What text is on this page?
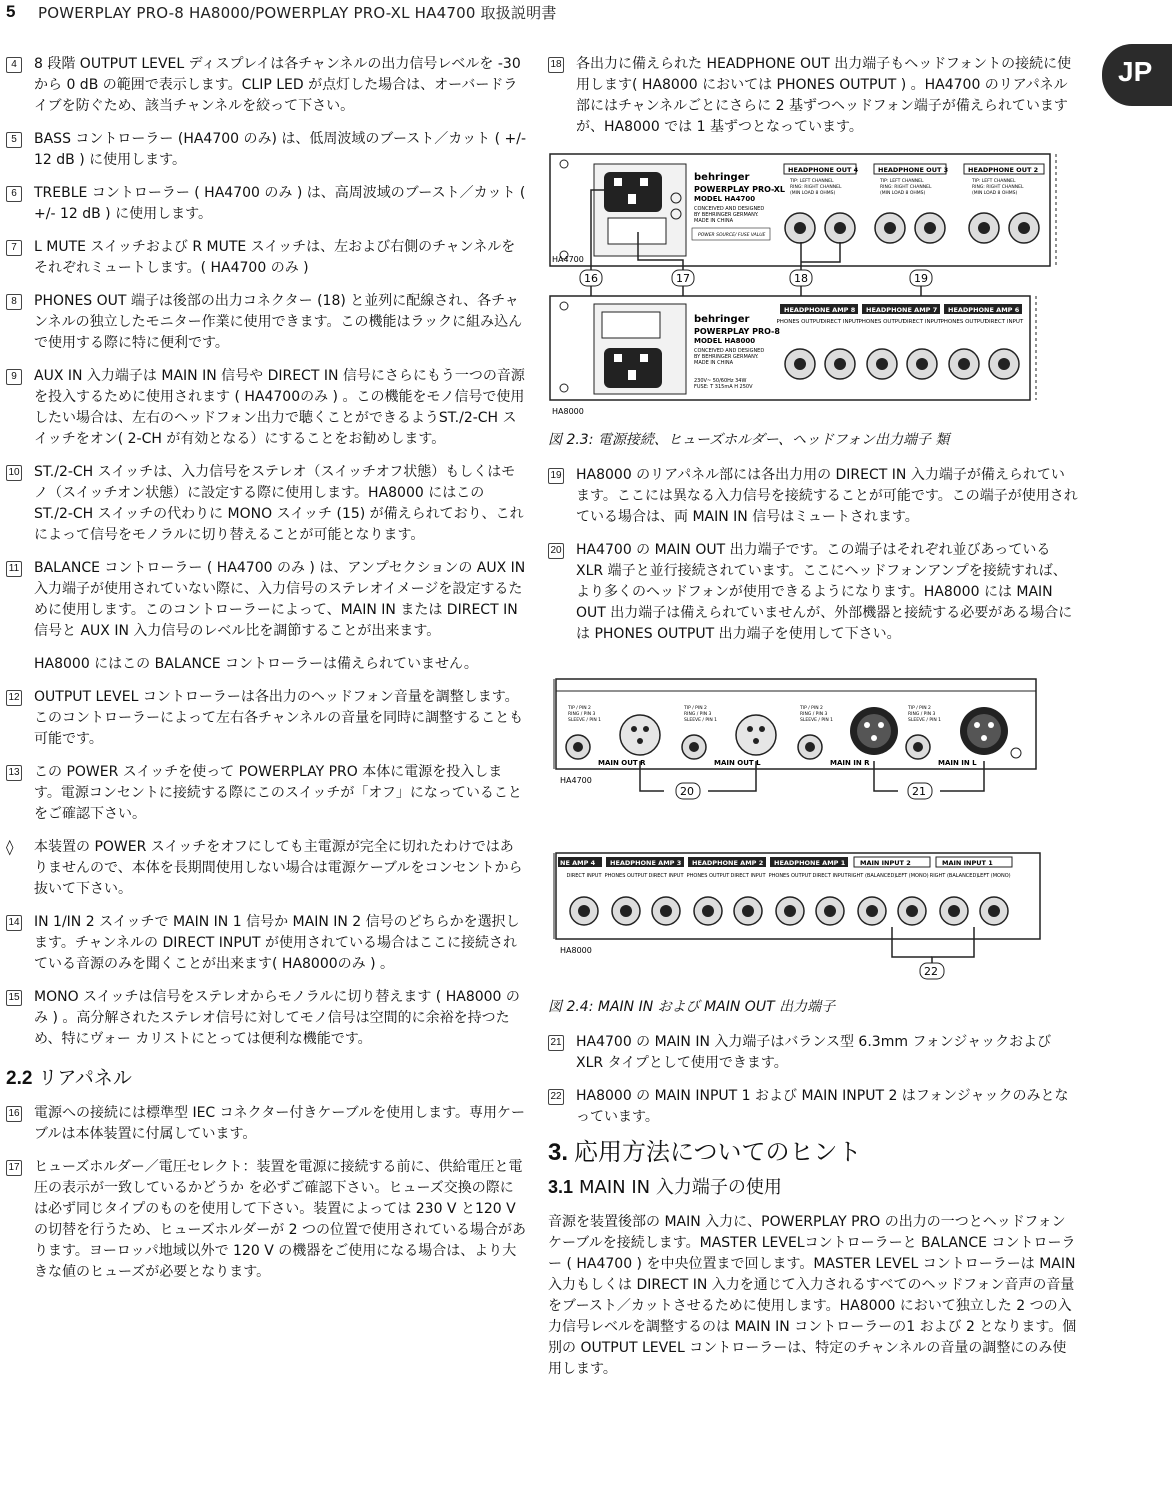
5 POWERPLAY PRO-8 HA8000/POWERPLAY PRO-XL HA4700 取扱説明書
JP
4	8 段階 OUTPUT LEVEL ディスプレイは各チャンネルの出力信号レベルを -30 から 0 dB の範囲で表示します。CLIP LED が点灯した場合は、オーバードライブを防ぐため、該当チャンネルを絞って下さい。

5	BASS コントローラー (HA4700 のみ) は、低周波域のブースト／カット ( +/- 12 dB ) に使用します。

6	TREBLE コントローラー ( HA4700 のみ ) は、高周波域のブースト／カット ( +/- 12 dB ) に使用します。

7	L MUTE スイッチおよび R MUTE スイッチは、左および右側のチャンネルをそれぞれミュートします。( HA4700 のみ )

8	PHONES OUT 端子は後部の出力コネクター (18) と並列に配線され、各チャンネルの独立したモニター作業に使用できます。この機能はラックに組み込んで使用する際に特に便利です。

9	AUX IN 入力端子は MAIN IN 信号や DIRECT IN 信号にさらにもう一つの音源を投入するために使用されます ( HA4700のみ ) 。この機能をモノ信号で使用したい場合は、左右のヘッドフォン出力で聴くことができるようST./2-CH スイッチをオン( 2-CH が有効となる）にすることをお勧めします。

10 ST./2-CH スイッチは、入力信号をステレオ（スイッチオフ状態）もしくはモノ（スイッチオン状態）に設定する際に使用します。HA8000 にはこの ST./2-CH スイッチの代わりに MONO スイッチ (15) が備えられており、これによって信号をモノラルに切り替えることが可能となります。

11 BALANCE コントローラー ( HA4700 のみ ) は、アンプセクションの AUX IN 入力端子が使用されていない際に、入力信号のステレオイメージを設定するために使用します。このコントローラーによって、MAIN IN または DIRECT IN 信号と AUX IN 入力信号のレベル比を調節することが出来ます。

HA8000 にはこの BALANCE コントローラーは備えられていません。

12 OUTPUT LEVEL コントローラーは各出力のヘッドフォン音量を調整します。このコントローラーによって左右各チャンネルの音量を同時に調整することも可能です。

13 この POWER スイッチを使って POWERPLAY PRO 本体に電源を投入します。電源コンセントに接続する際にこのスイッチが「オフ」になっていることをご確認下さい。

◊ 本装置の POWER スイッチをオフにしても主電源が完全に切れたわけではありませんので、本体を長期間使用しない場合は電源ケーブルをコンセントから抜いて下さい。

14 IN 1/IN 2 スイッチで MAIN IN 1 信号か MAIN IN 2 信号のどちらかを選択します。チャンネルの DIRECT INPUT が使用されている場合はここに接続されている音源のみを聞くことが出来ます( HA8000のみ ) 。

15 MONO スイッチは信号をステレオからモノラルに切り替えます ( HA8000 のみ ) 。高分解されたステレオ信号に対してモノ信号は空間的に余裕を持つため、特にヴォー カリストにとっては便利な機能です。

2.2 リアパネル
16 電源への接続には標準型 IEC コネクター付きケーブルを使用します。専用ケーブルは本体装置に付属しています。

17 ヒューズホルダー／電圧セレクト：装置を電源に接続する前に、供給電圧と電圧の表示が一致しているかどうか を必ずご確認下さい。ヒューズ交換の際には必ず同じタイプのものを使用して下さい。装置によっては 230 V と120 V の切替を行うため、ヒューズホルダーが 2 つの位置で使用されている場合があります。ヨーロッパ地域以外で 120 V の機器をご使用になる場合は、より大きな値のヒューズが必要となります。

18 各出力に備えられた HEADPHONE OUT 出力端子もヘッドフォントの接続に使用します( HA8000 においては PHONES OUTPUT ) 。HA4700 のリアパネル部にはチャンネルごとにさらに 2 基ずつヘッドフォン端子が備えられていますが、HA8000 では 1 基ずつとなっています。

behringer
POWERPLAY PRO-XL
MODEL HA4700
CONCEIVED AND DESIGNED
BY BEHRINGER GERMANY.
MADE IN CHINA
POWER SOURCE/ FUSE VALUE
HEADPHONE OUT 4
TIP: LEFT CHANNEL
RING: RIGHT CHANNEL
(MIN LOAD 8 OHMS)
HEADPHONE OUT 3
TIP: LEFT CHANNEL
RING: RIGHT CHANNEL
(MIN LOAD 8 OHMS)
HEADPHONE OUT 2
TIP: LEFT CHANNEL
RING: RIGHT CHANNEL
(MIN LOAD 8 OHMS)
HA4700
16	17	18	19
behringer
POWERPLAY PRO-8
MODEL HA8000
CONCEIVED AND DESIGNED
BY BEHRINGER GERMANY.
MADE IN CHINA
230V~ 50/60Hz 34W
FUSE: T 315mA H 250V
HEADPHONE AMP 8 HEADPHONE AMP 7 HEADPHONE AMP 6
PHONES OUTPUT
DIRECT INPUT PHONES OUTPUT
DIRECT INPUT PHONES OUTPUT
DIRECT INPUT
HA8000
図 2.3: 電源接続、ヒューズホルダー、ヘッドフォン出力端子 類
19 HA8000 のリアパネル部には各出力用の DIRECT IN 入力端子が備えられています。ここには異なる入力信号を接続することが可能です。この端子が使用されている場合は、両 MAIN IN 信号はミュートされます。

20 HA4700 の MAIN OUT 出力端子です。この端子はそれぞれ並びあっている XLR 端子と並行接続されています。ここにヘッドフォンアンプを接続すれば、より多くのヘッドフォンが使用できるようになります。HA8000 には MAIN OUT 出力端子は備えられていませんが、外部機器と接続する必要がある場合には PHONES OUTPUT 出力端子を使用して下さい。

TIP / PIN 2
RING / PIN 3
SLEEVE / PIN 1
TIP / PIN 2
RING / PIN 3
SLEEVE / PIN 1
TIP / PIN 2
RING / PIN 3
SLEEVE / PIN 1
TIP / PIN 2
RING / PIN 3
SLEEVE / PIN 1
MAIN OUT R	MAIN OUT L	MAIN IN R	MAIN IN L
HA4700
20	21
NE AMP 4 HEADPHONE AMP 3 HEADPHONE AMP 2 HEADPHONE AMP 1 MAIN INPUT 2	MAIN INPUT 1
DIRECT INPUT PHONES OUTPUT DIRECT INPUT PHONES OUTPUT DIRECT INPUT PHONES OUTPUT DIRECT INPUT RIGHT (BALANCED) LEFT (MONO) RIGHT (BALANCED) LEFT (MONO)
HA8000
22
図 2.4: MAIN IN および MAIN OUT 出力端子
21 HA4700 の MAIN IN 入力端子はバランス型 6.3mm フォンジャックおよび XLR タイプとして使用できます。

22 HA8000 の MAIN INPUT 1 および MAIN INPUT 2 はフォンジャックのみとなっています。

3. 応用方法についてのヒント
3.1 MAIN IN 入力端子の使用

音源を装置後部の MAIN 入力に、POWERPLAY PRO の出力の一つとヘッドフォンケーブルを接続します。MASTER LEVELコントローラーと BALANCE コントローラー ( HA4700 ) を中央位置まで回します。MASTER LEVEL コントローラーは MAIN 入力もしくは DIRECT IN 入力を通じて入力されるすべてのヘッドフォン音声の音量をブースト／カットさせるために使用します。HA8000 において独立した 2 つの入力信号レベルを調整するのは MAIN IN コントローラーの1 および 2 となります。個別の OUTPUT LEVEL コントローラーは、特定のチャンネルの音量の調整にのみ使用します。
